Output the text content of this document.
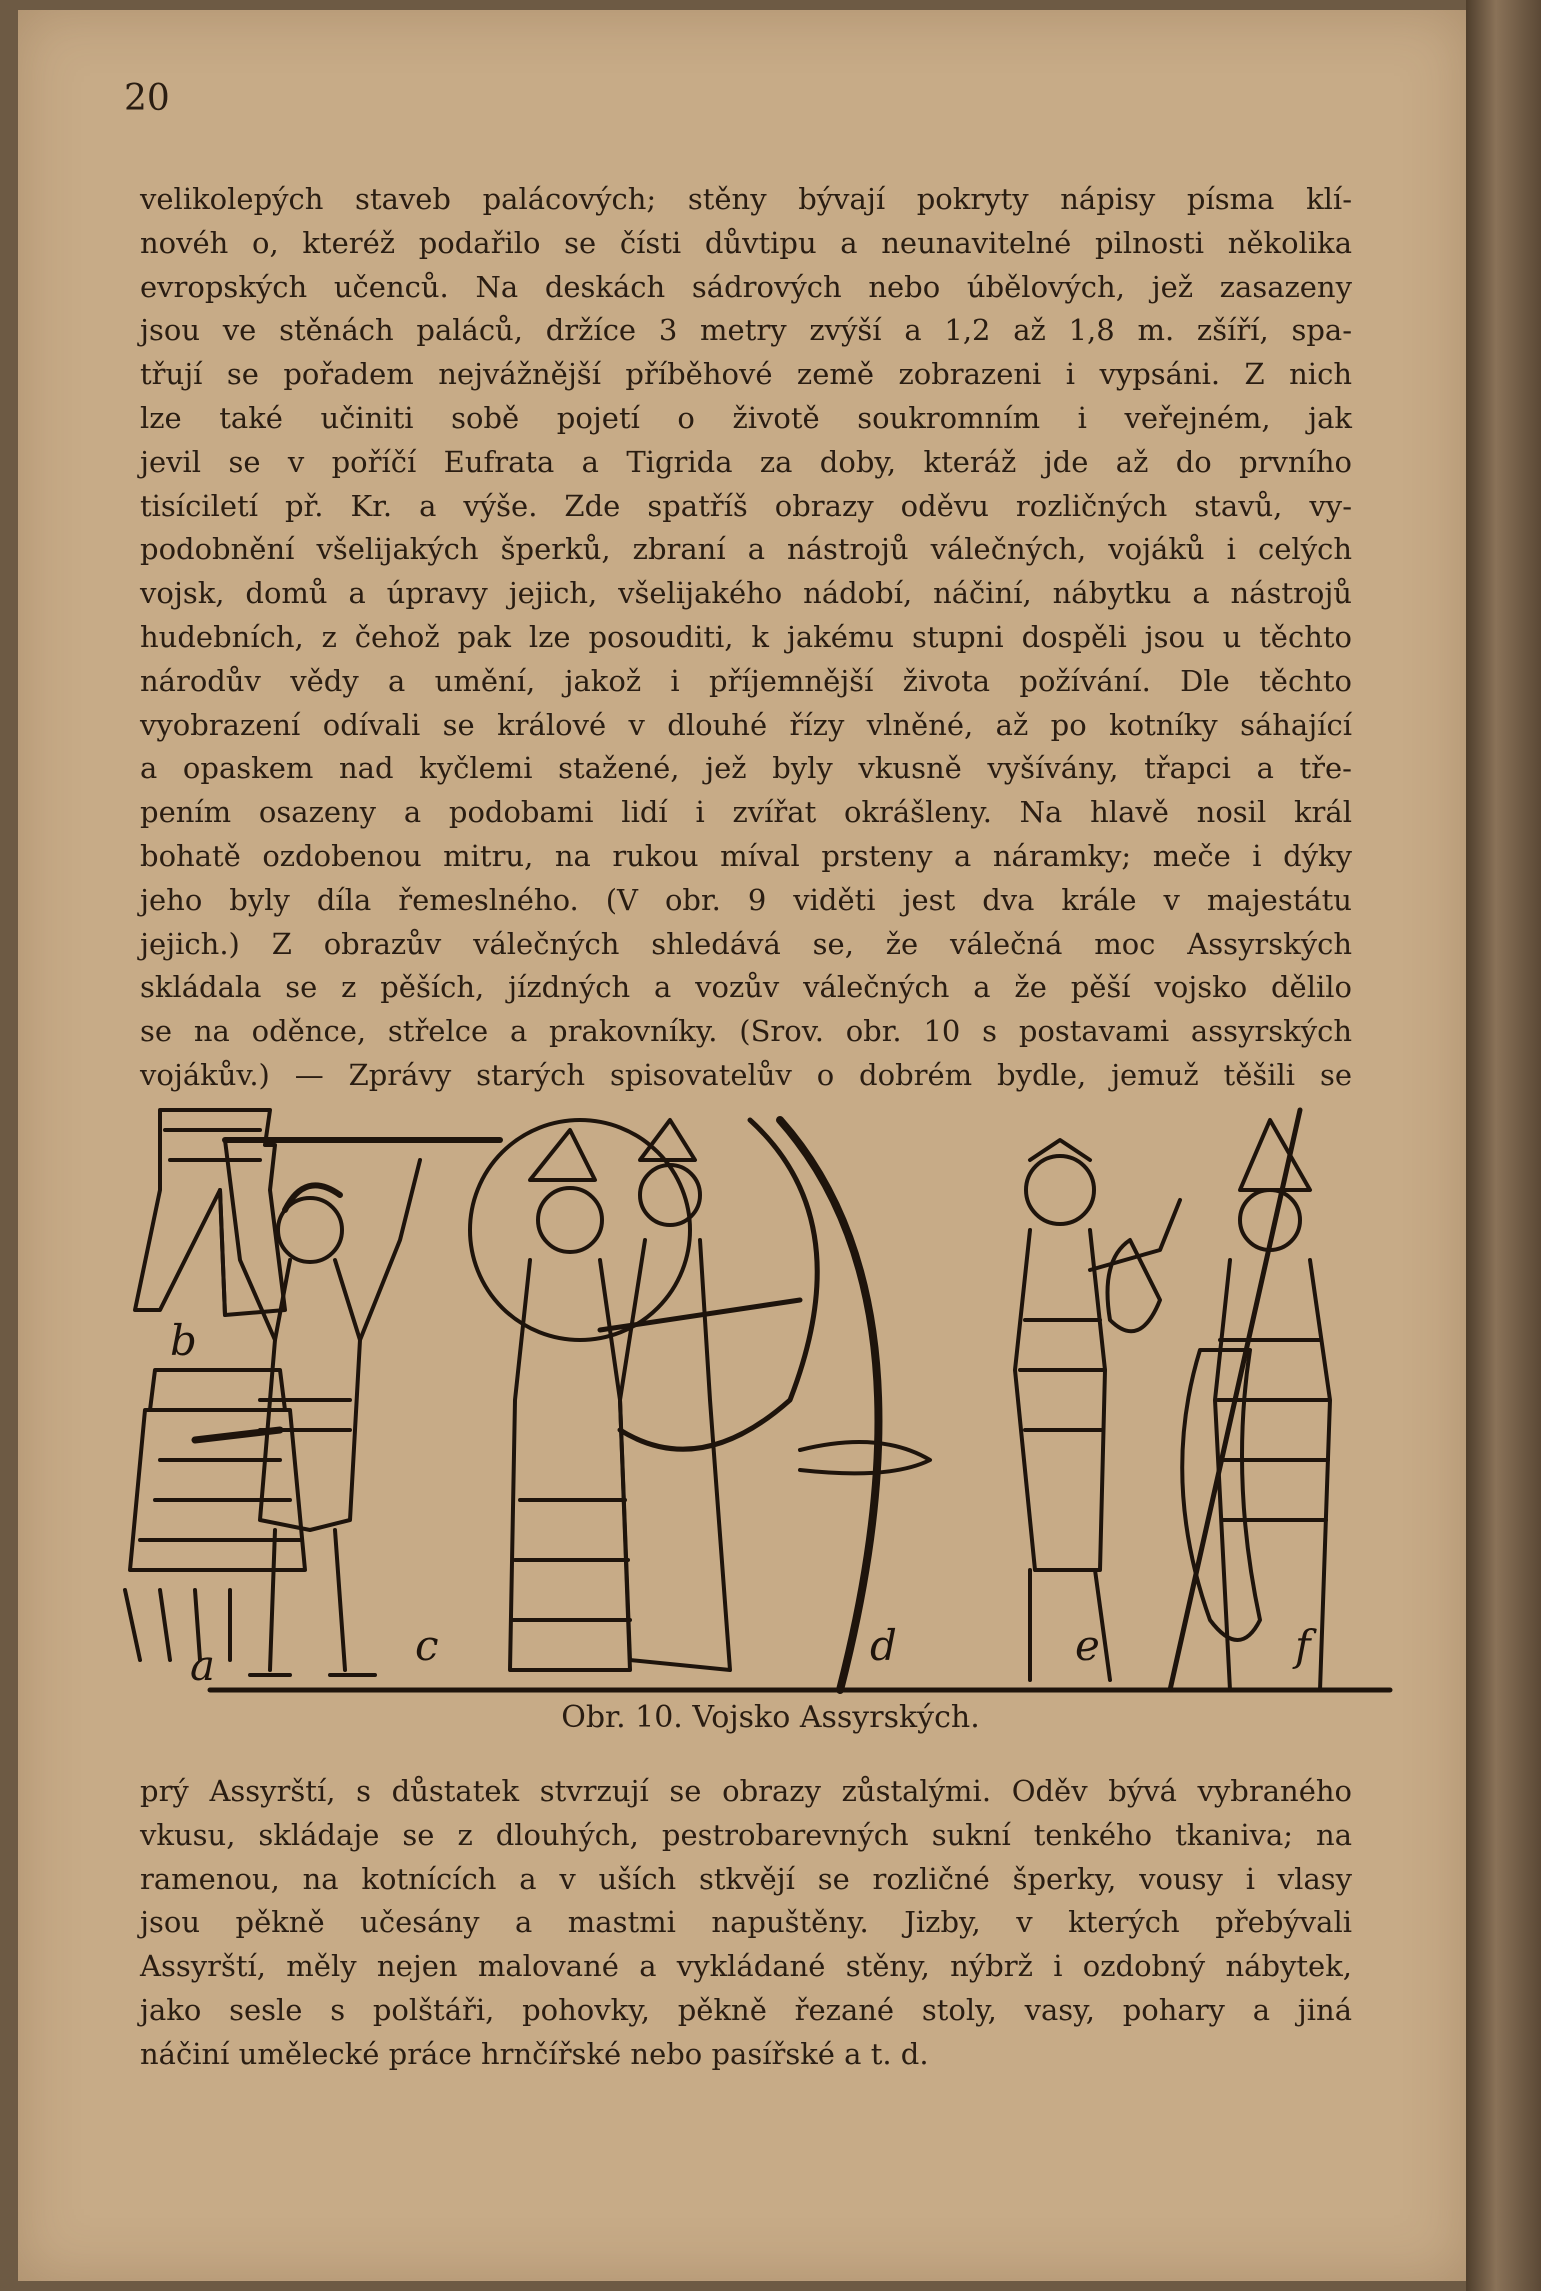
20
velikolepých staveb palácových; stěny bývají pokryty nápisy písma klí-
novéh o, kteréž podařilo se čísti důvtipu a neunavitelné pilnosti několika
evropských učenců. Na deskách sádrových nebo úbělových, jež zasazeny
jsou ve stěnách paláců, držíce 3 metry zvýší a 1,2 až 1,8 m. zšíří, spa-
třují se pořadem nejvážnější příběhové země zobrazeni i vypsáni. Z nich
lze také učiniti sobě pojetí o životě soukromním i veřejném, jak
jevil se v poříčí Eufrata a Tigrida za doby, kteráž jde až do prvního
tisíciletí př. Kr. a výše. Zde spatříš obrazy oděvu rozličných stavů, vy-
podobnění všelijakých šperků, zbraní a nástrojů válečných, vojáků i celých
vojsk, domů a úpravy jejich, všelijakého nádobí, náčiní, nábytku a nástrojů
hudebních, z čehož pak lze posouditi, k jakému stupni dospěli jsou u těchto
národův vědy a umění, jakož i příjemnější života požívání. Dle těchto
vyobrazení odívali se králové v dlouhé řízy vlněné, až po kotníky sáhající
a opaskem nad kyčlemi stažené, jež byly vkusně vyšívány, třapci a tře-
pením osazeny a podobami lidí i zvířat okrášleny. Na hlavě nosil král
bohatě ozdobenou mitru, na rukou míval prsteny a náramky; meče i dýky
jeho byly díla řemeslného. (V obr. 9 viděti jest dva krále v majestátu
jejich.) Z obrazův válečných shledává se, že válečná moc Assyrských
skládala se z pěších, jízdných a vozův válečných a že pěší vojsko dělilo
se na oděnce, střelce a prakovníky. (Srov. obr. 10 s postavami assyrských
vojákův.) — Zprávy starých spisovatelův o dobrém bydle, jemuž těšili se
b
a	c	d	e	f
Obr. 10. Vojsko Assyrských.
prý Assyrští, s důstatek stvrzují se obrazy zůstalými. Oděv bývá vybraného
vkusu, skládaje se z dlouhých, pestrobarevných sukní tenkého tkaniva; na
ramenou, na kotnících a v uších stkvějí se rozličné šperky, vousy i vlasy
jsou pěkně učesány a mastmi napuštěny. Jizby, v kterých přebývali
Assyrští, měly nejen malované a vykládané stěny, nýbrž i ozdobný nábytek,
jako sesle s polštáři, pohovky, pěkně řezané stoly, vasy, pohary a jiná
náčiní umělecké práce hrnčířské nebo pasířské a t. d.
